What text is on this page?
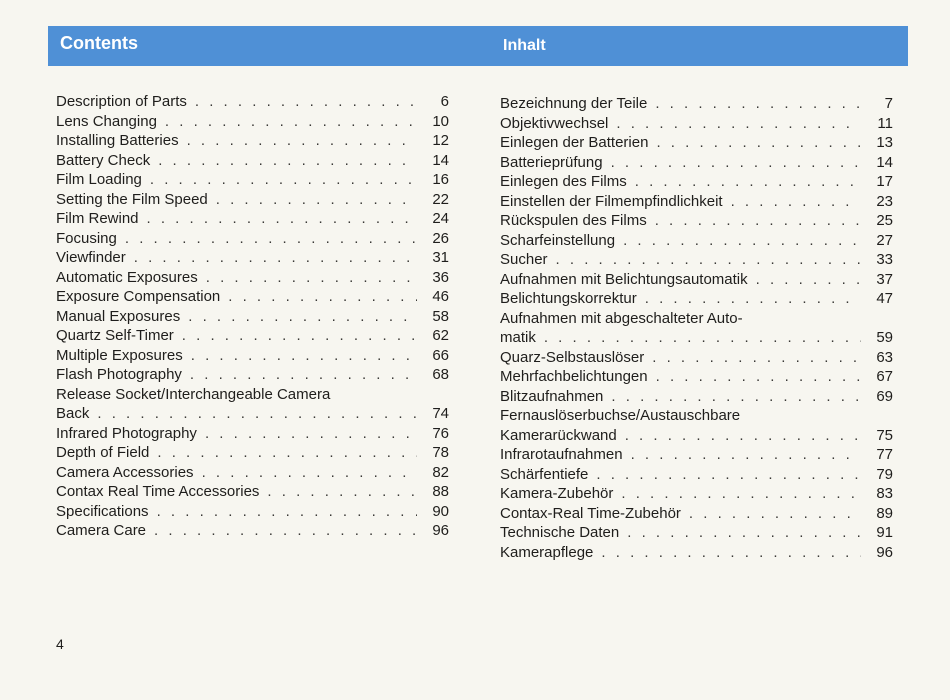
Contents	Inhalt
Description of Parts . . .	6
Lens Changing . . .	10
Installing Batteries . . .	12
Battery Check . . .	14
Film Loading . . .	16
Setting the Film Speed . . .	22
Film Rewind . . .	24
Focusing . . .	26
Viewfinder . . .	31
Automatic Exposures . . .	36
Exposure Compensation . . .	46
Manual Exposures . . .	58
Quartz Self-Timer . . .	62
Multiple Exposures . . .	66
Flash Photography . . .	68
Release Socket/Interchangeable Camera
Back . . .	74
Infrared Photography . . .	76
Depth of Field . . .	78
Camera Accessories . . .	82
Contax Real Time Accessories . . .	88
Specifications . . .	90
Camera Care . . .	96
Bezeichnung der Teile . . .	7
Objektivwechsel . . .	11
Einlegen der Batterien . . .	13
Batterieprüfung . . .	14
Einlegen des Films . . .	17
Einstellen der Filmempfindlichkeit . . .	23
Rückspulen des Films . . .	25
Scharfeinstellung . . .	27
Sucher . . .	33
Aufnahmen mit Belichtungsautomatik . . .	37
Belichtungskorrektur . . .	47
Aufnahmen mit abgeschalteter Auto-
matik . . .	59
Quarz-Selbstauslöser . . .	63
Mehrfachbelichtungen . . .	67
Blitzaufnahmen . . .	69
Fernauslöserbuchse/Austauschbare
Kamerarückwand . . .	75
Infrarotaufnahmen . . .	77
Schärfentiefe . . .	79
Kamera-Zubehör . . .	83
Contax-Real Time-Zubehör . . .	89
Technische Daten . . .	91
Kamerapflege . . .	96
4
